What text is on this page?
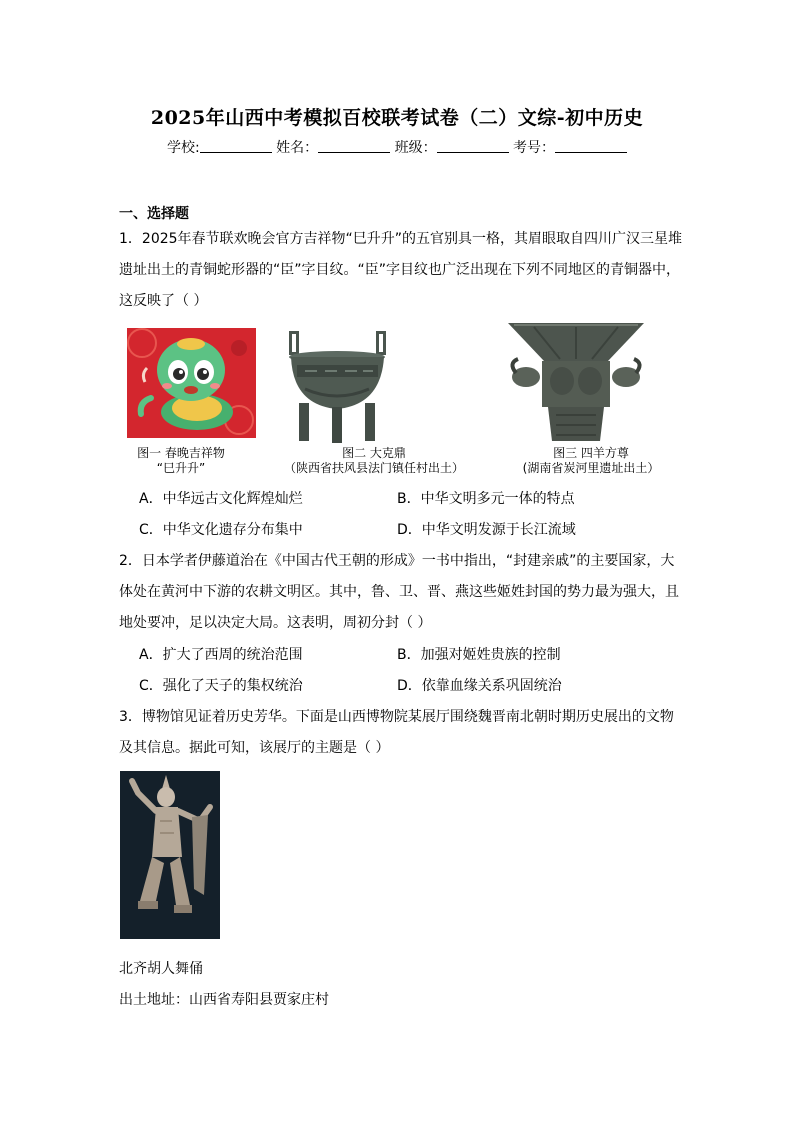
2025年山西中考模拟百校联考试卷（二）文综-初中历史
学校:	姓名：	班级：	考号：
一、选择题
1．2025年春节联欢晚会官方吉祥物“巳升升”的五官别具一格，其眉眼取自四川广汉三星堆
遗址出土的青铜蛇形器的“臣”字目纹。“臣”字目纹也广泛出现在下列不同地区的青铜器中，
这反映了（ ）
图一 春晚吉祥物
“巳升升”
图二 大克鼎
（陕西省扶风县法门镇任村出土）
图三 四羊方尊
(湖南省炭河里遗址出土）
A．中华远古文化辉煌灿烂	B．中华文明多元一体的特点
C．中华文化遗存分布集中	D．中华文明发源于长江流域
2．日本学者伊藤道治在《中国古代王朝的形成》一书中指出，“封建亲戚”的主要国家，大
体处在黄河中下游的农耕文明区。其中，鲁、卫、晋、燕这些姬姓封国的势力最为强大，且
地处要冲，足以决定大局。这表明，周初分封（ ）
A．扩大了西周的统治范围	B．加强对姬姓贵族的控制
C．强化了天子的集权统治	D．依靠血缘关系巩固统治
3．博物馆见证着历史芳华。下面是山西博物院某展厅围绕魏晋南北朝时期历史展出的文物
及其信息。据此可知，该展厅的主题是（ ）
北齐胡人舞俑
出土地址：山西省寿阳县贾家庄村
